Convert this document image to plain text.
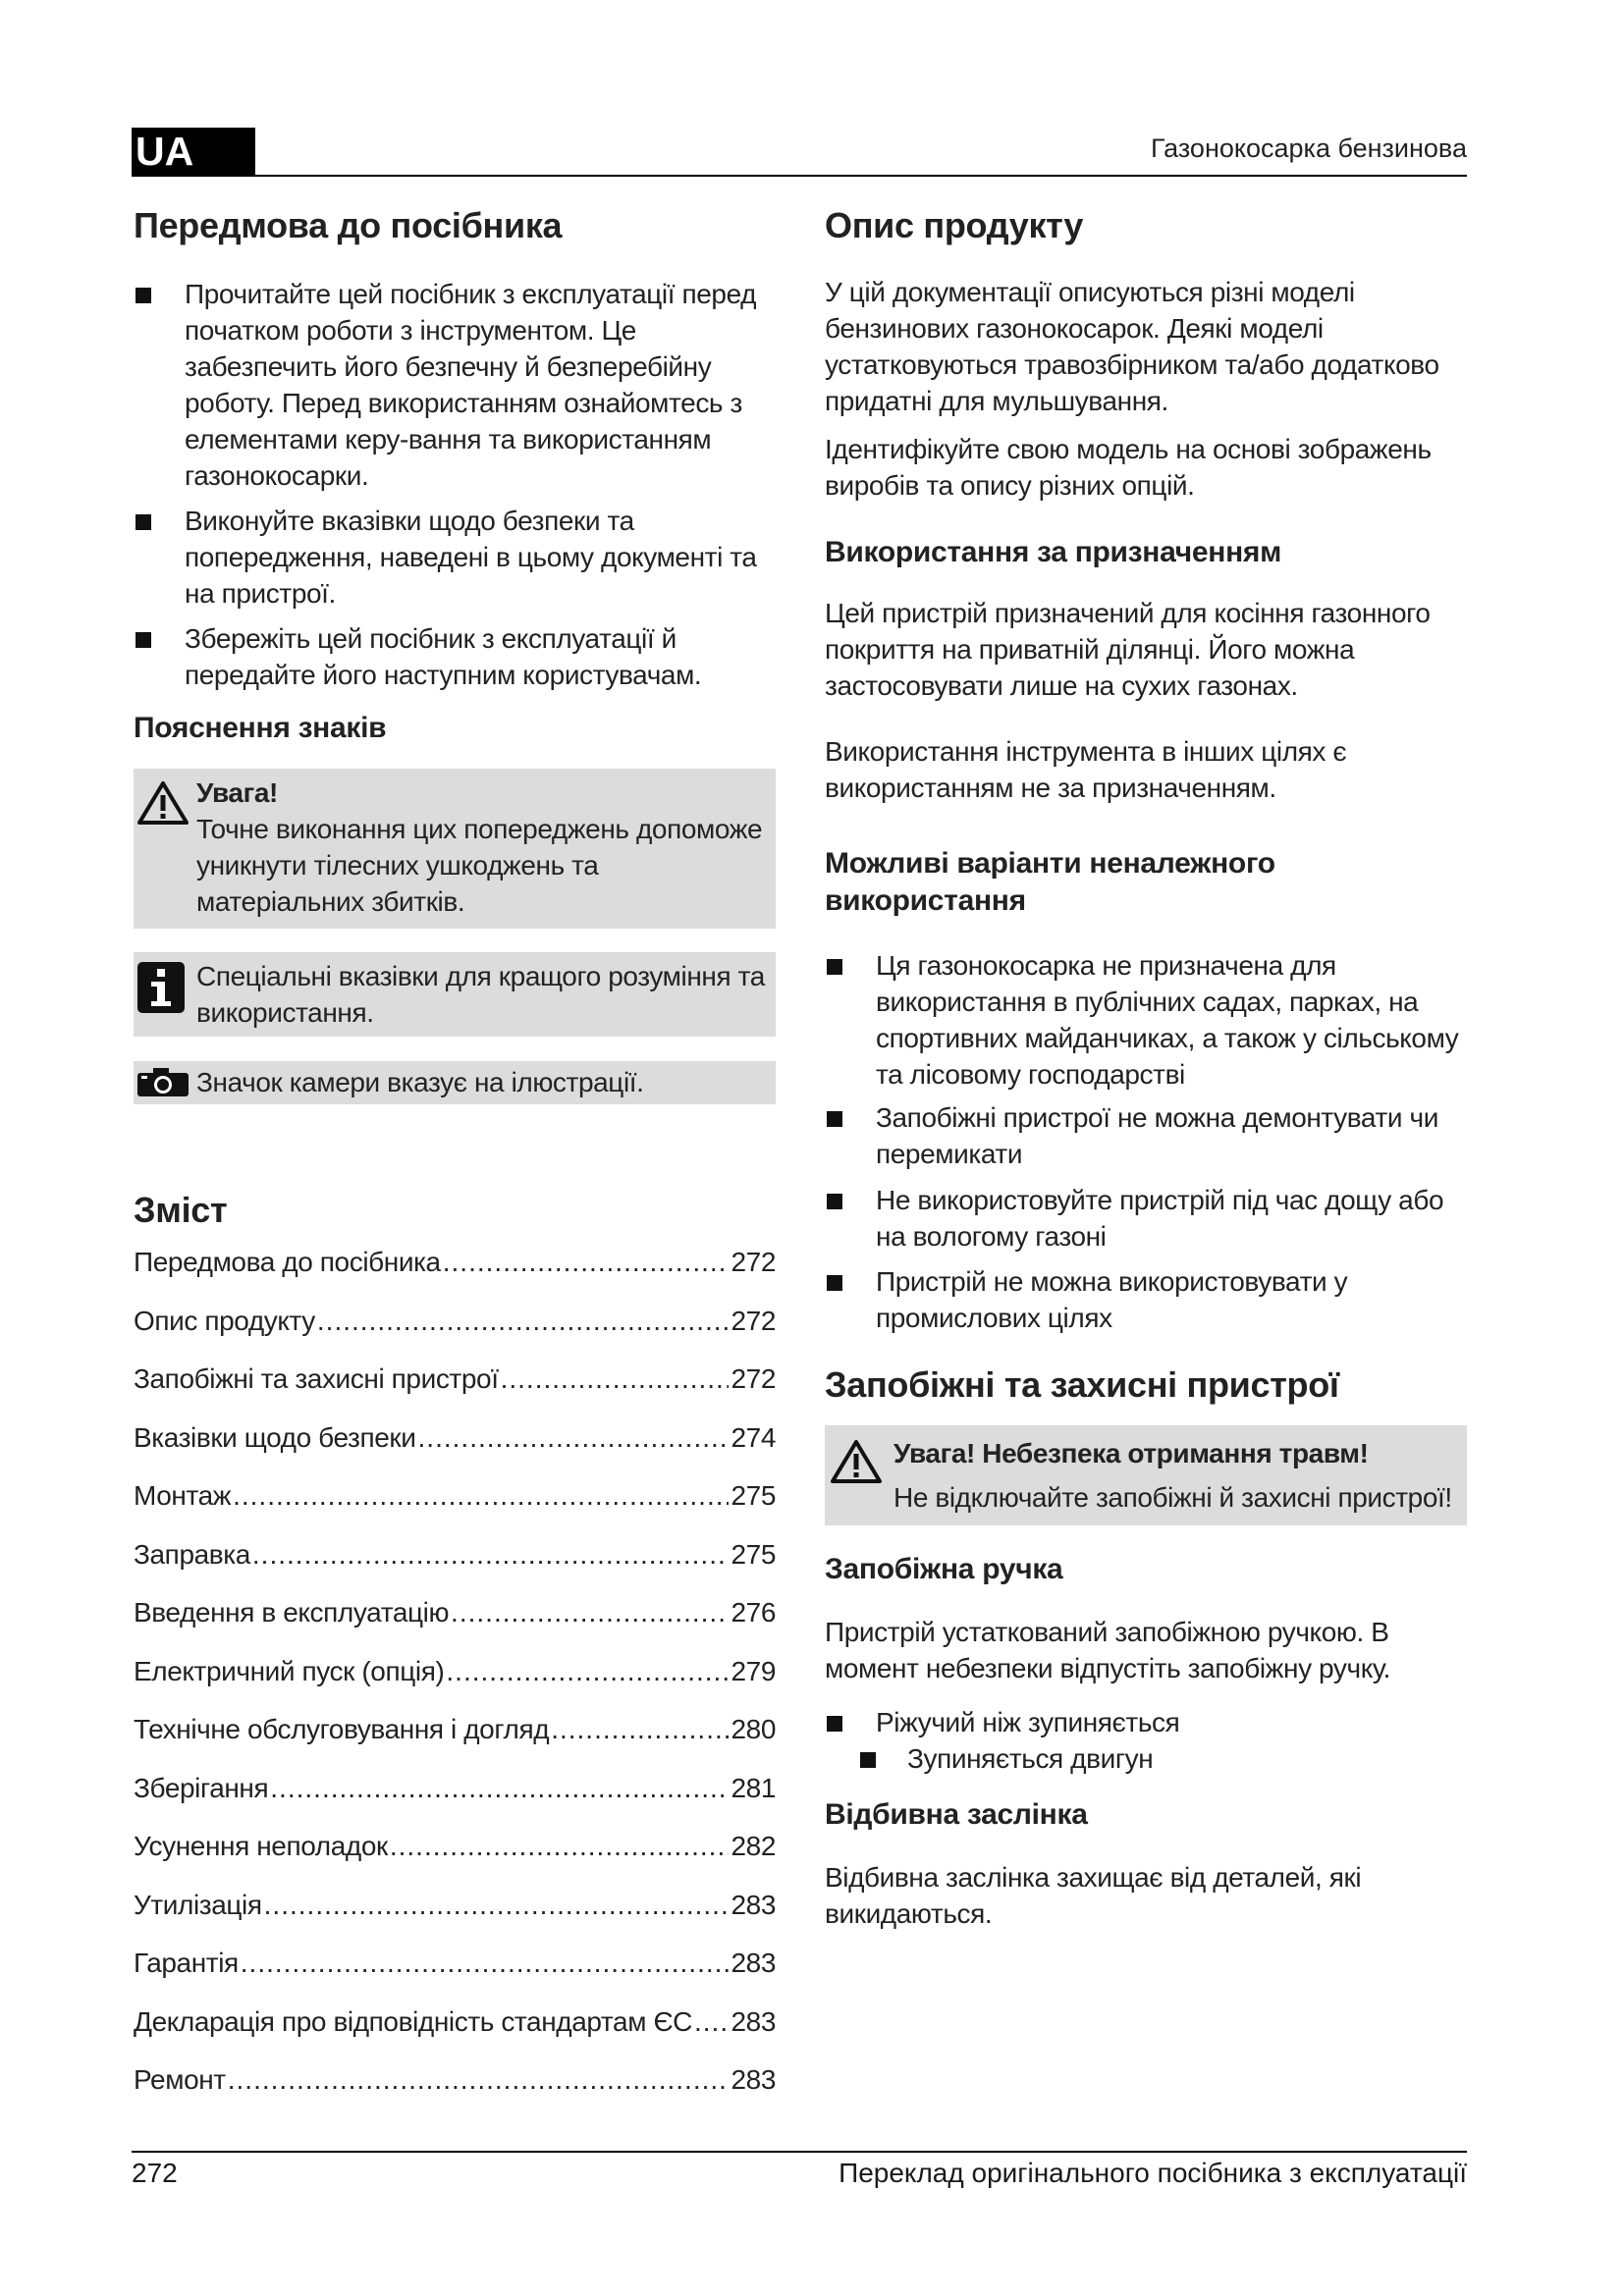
UA	Газонокосарка бензинова
Передмова до посібника
Прочитайте цей посібник з експлуатації перед початком роботи з інструментом. Це забезпечить його безпечну й безперебійну роботу. Перед використанням ознайомтесь з елементами керу-вання та використанням газонокосарки.
Виконуйте вказівки щодо безпеки та попередження, наведені в цьому документі та на пристрої.
Збережіть цей посібник з експлуатації й передайте його наступним користувачам.
Пояснення знаків
Увага!
Точне виконання цих попереджень допоможе уникнути тілесних ушкоджень та матеріальних збитків.
Спеціальні вказівки для кращого розуміння та використання.
Значок камери вказує на ілюстрації.
Зміст
Передмова до посібника .....	272
Опис продукту .....	272
Запобіжні та захисні пристрої .....	272
Вказівки щодо безпеки .....	274
Монтаж .....	275
Заправка .....	275
Введення в експлуатацію .....	276
Електричний пуск (опція) .....	279
Технічне обслуговування і догляд .....	280
Зберігання .....	281
Усунення неполадок .....	282
Утилізація .....	283
Гарантія .....	283
Декларація про відповідність стандартам ЄС ..... 283
Ремонт .....	283
Опис продукту

У цій документації описуються різні моделі бензинових газонокосарок. Деякі моделі устатковуються травозбірником та/або додатково придатні для мульшування.

Ідентифікуйте свою модель на основі зображень виробів та опису різних опцій.

Використання за призначенням

Цей пристрій призначений для косіння газонного покриття на приватній ділянці. Його можна застосовувати лише на сухих газонах.

Використання інструмента в інших цілях є використанням не за призначенням.

Можливі варіанти неналежного використання
Ця газонокосарка не призначена для використання в публічних садах, парках, на спортивних майданчиках, а також у сільському та лісовому господарстві
Запобіжні пристрої не можна демонтувати чи перемикати
Не використовуйте пристрій під час дощу або на вологому газоні
Пристрій не можна використовувати у промислових цілях
Запобіжні та захисні пристрої
Увага! Небезпека отримання травм!
Не відключайте запобіжні й захисні пристрої!
Запобіжна ручка

Пристрій устаткований запобіжною ручкою. В момент небезпеки відпустіть запобіжну ручку.

Ріжучий ніж зупиняється
Зупиняється двигун
Відбивна заслінка

Відбивна заслінка захищає від деталей, які викидаються.

272	Переклад оригінального посібника з експлуатації
